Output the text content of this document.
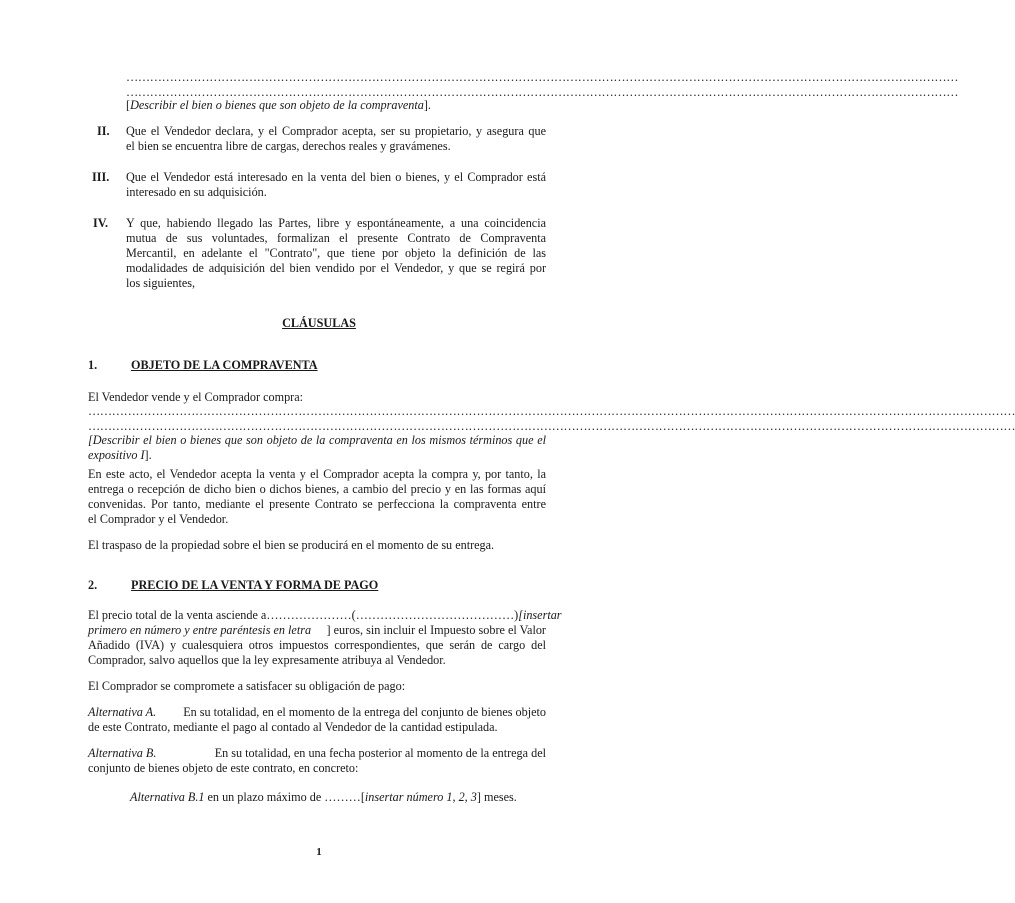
…………………………………………………………………………………………………………………………………………………………………………………………
…………………………………………………………………………………………………………………………………………………………………………………………
[Describir el bien o bienes que son objeto de la compraventa].
II. Que el Vendedor declara, y el Comprador acepta, ser su propietario, y asegura que
el bien se encuentra libre de cargas, derechos reales y gravámenes.
III. Que el Vendedor está interesado en la venta del bien o bienes, y el Comprador está
interesado en su adquisición.
IV. Y que, habiendo llegado las Partes, libre y espontáneamente, a una coincidencia
mutua de sus voluntades, formalizan el presente Contrato de Compraventa
Mercantil, en adelante el "Contrato", que tiene por objeto la definición de las
modalidades de adquisición del bien vendido por el Vendedor, y que se regirá por
los siguientes,
CLÁUSULAS
1.	OBJETO DE LA COMPRAVENTA
El Vendedor vende y el Comprador compra:
………………………………………………………………………………………………………………………………………………………………………………………………………………
………………………………………………………………………………………………………………………………………………………………………………………………………………
[Describir el bien o bienes que son objeto de la compraventa en los mismos términos que el
expositivo I].
En este acto, el Vendedor acepta la venta y el Comprador acepta la compra y, por tanto, la
entrega o recepción de dicho bien o dichos bienes, a cambio del precio y en las formas aquí
convenidas. Por tanto, mediante el presente Contrato se perfecciona la compraventa entre
el Comprador y el Vendedor.
El traspaso de la propiedad sobre el bien se producirá en el momento de su entrega.
2.	PRECIO DE LA VENTA Y FORMA DE PAGO
El precio total de la venta asciende a ………………… (…………………………………) [insertar
primero en número y entre paréntesis en letra ] euros, sin incluir el Impuesto sobre el Valor
Añadido (IVA) y cualesquiera otros impuestos correspondientes, que serán de cargo del
Comprador, salvo aquellos que la ley expresamente atribuya al Vendedor.
El Comprador se compromete a satisfacer su obligación de pago:
Alternativa A. En su totalidad, en el momento de la entrega del conjunto de bienes objeto
de este Contrato, mediante el pago al contado al Vendedor de la cantidad estipulada.
Alternativa B.	En su totalidad, en una fecha posterior al momento de la entrega del
conjunto de bienes objeto de este contrato, en concreto:
Alternativa B.1 en un plazo máximo de ………[insertar número 1, 2, 3] meses.
1
